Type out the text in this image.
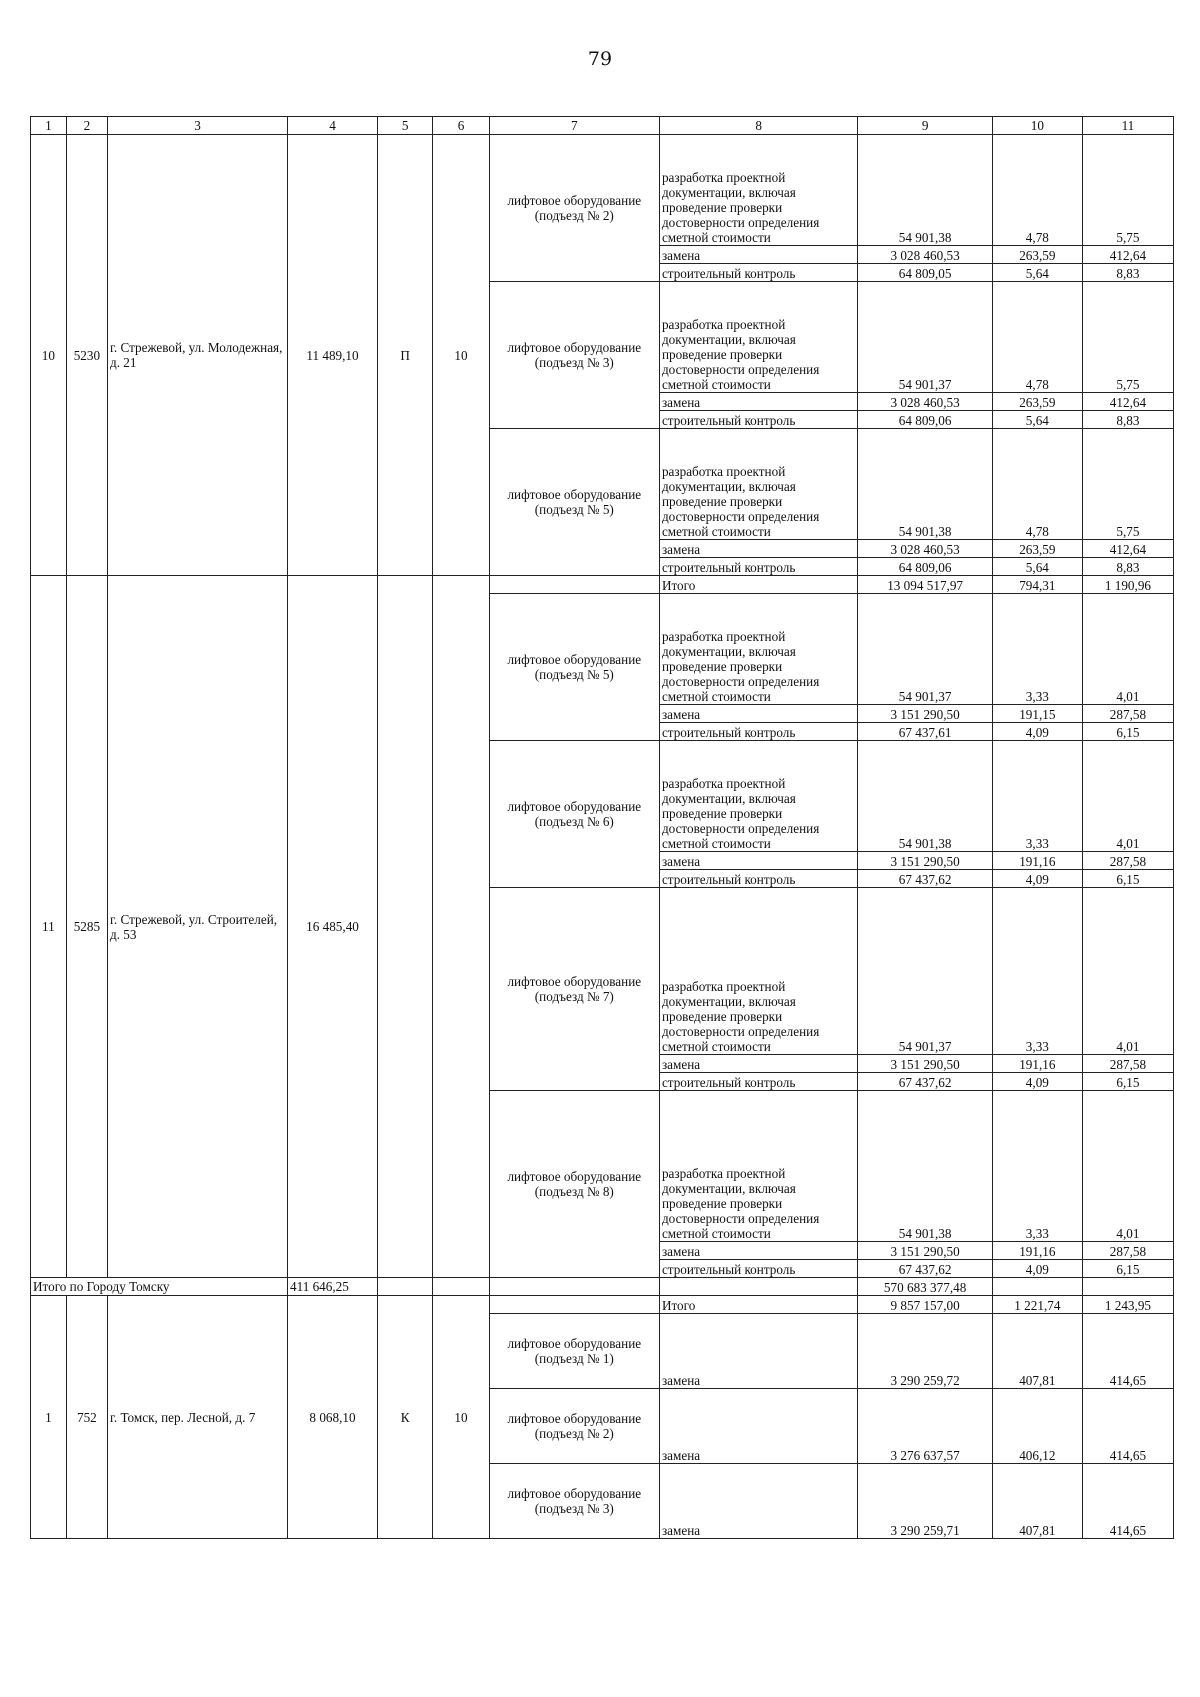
79
1	2	3	4	5	6	7	8	9	10	11
10	5230	г. Стрежевой, ул. Молодежная, д. 21	11 489,10	П	10	лифтовое оборудование (подъезд № 2)	разработка проектной документации, включая проведение проверки достоверности определения сметной стоимости	54 901,38	4,78	5,75
							замена	3 028 460,53	263,59	412,64
							строительный контроль	64 809,05	5,64	8,83
						лифтовое оборудование (подъезд № 3)	разработка проектной документации, включая проведение проверки достоверности определения сметной стоимости	54 901,37	4,78	5,75
							замена	3 028 460,53	263,59	412,64
							строительный контроль	64 809,06	5,64	8,83
						лифтовое оборудование (подъезд № 5)	разработка проектной документации, включая проведение проверки достоверности определения сметной стоимости	54 901,38	4,78	5,75
							замена	3 028 460,53	263,59	412,64
							строительный контроль	64 809,06	5,64	8,83
11	5285	г. Стрежевой, ул. Строителей, д. 53	16 485,40				Итого	13 094 517,97	794,31	1 190,96
						лифтовое оборудование (подъезд № 5)	разработка проектной документации, включая проведение проверки достоверности определения сметной стоимости	54 901,37	3,33	4,01
							замена	3 151 290,50	191,15	287,58
							строительный контроль	67 437,61	4,09	6,15
						лифтовое оборудование (подъезд № 6)	разработка проектной документации, включая проведение проверки достоверности определения сметной стоимости	54 901,38	3,33	4,01
							замена	3 151 290,50	191,16	287,58
							строительный контроль	67 437,62	4,09	6,15
						лифтовое оборудование (подъезд № 7)	разработка проектной документации, включая проведение проверки достоверности определения сметной стоимости	54 901,37	3,33	4,01
							замена	3 151 290,50	191,16	287,58
							строительный контроль	67 437,62	4,09	6,15
						лифтовое оборудование (подъезд № 8)	разработка проектной документации, включая проведение проверки достоверности определения сметной стоимости	54 901,38	3,33	4,01
							замена	3 151 290,50	191,16	287,58
							строительный контроль	67 437,62	4,09	6,15
Итого по Городу Томску			411 646,25					570 683 377,48		
1	752	г. Томск, пер. Лесной, д. 7	8 068,10	К	10		Итого	9 857 157,00	1 221,74	1 243,95
						лифтовое оборудование (подъезд № 1)	замена	3 290 259,72	407,81	414,65
						лифтовое оборудование (подъезд № 2)	замена	3 276 637,57	406,12	414,65
						лифтовое оборудование (подъезд № 3)	замена	3 290 259,71	407,81	414,65
